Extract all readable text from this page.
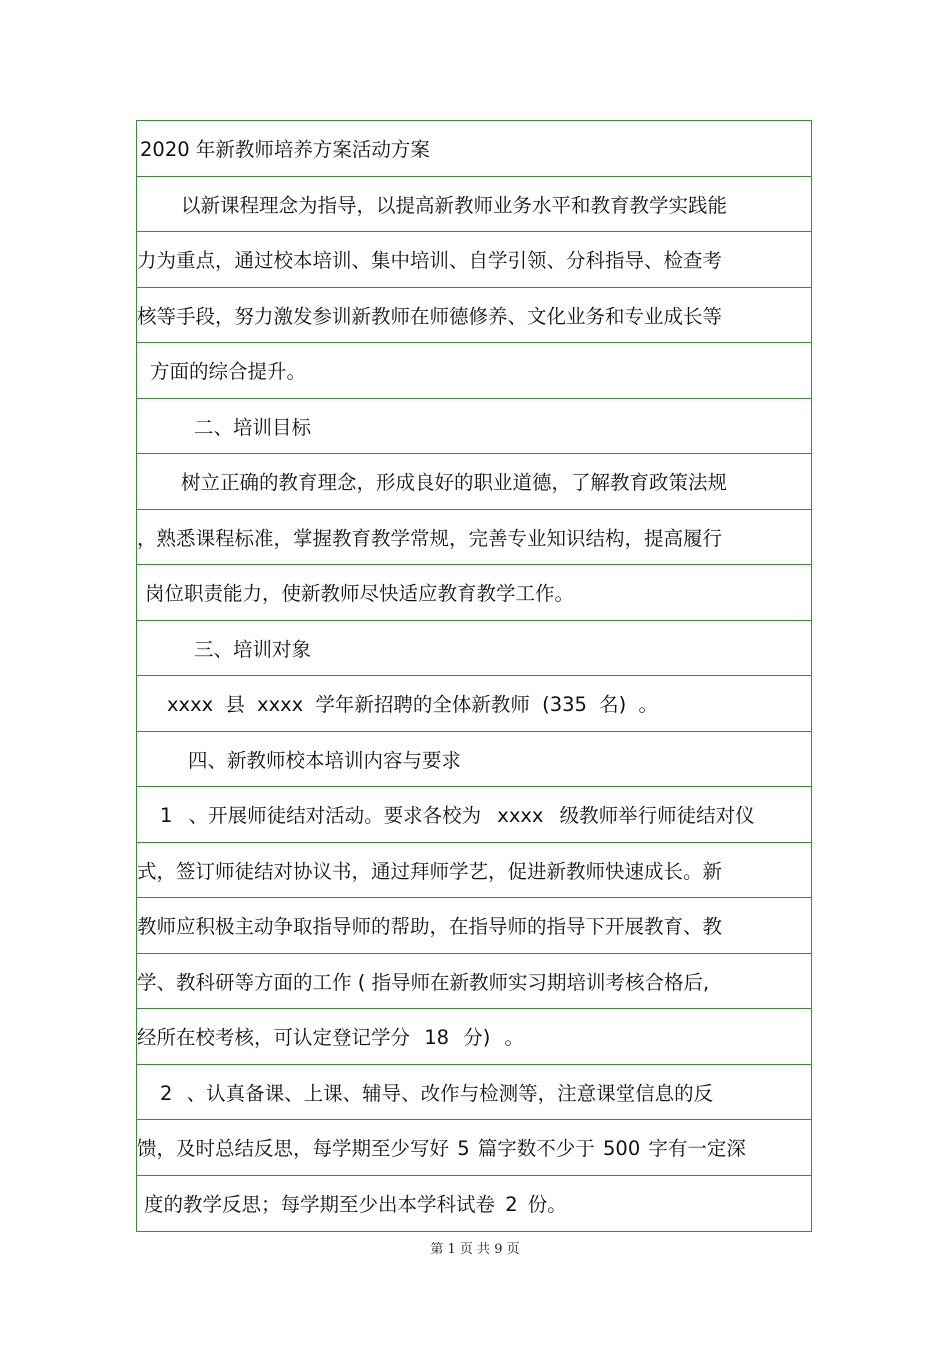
2020 年新教师培养方案活动方案
以新课程理念为指导，以提高新教师业务水平和教育教学实践能
力为重点，通过校本培训、集中培训、自学引领、分科指导、检查考
核等手段，努力激发参训新教师在师德修养、文化业务和专业成长等
方面的综合提升。
二、培训目标
树立正确的教育理念，形成良好的职业道德，了解教育政策法规
，熟悉课程标准，掌握教育教学常规，完善专业知识结构，提高履行
岗位职责能力，使新教师尽快适应教育教学工作。
三、培训对象
xxxx 县 xxxx 学年新招聘的全体新教师 (335 名) 。
四、新教师校本培训内容与要求
1 、开展师徒结对活动。要求各校为 xxxx 级教师举行师徒结对仪
式，签订师徒结对协议书，通过拜师学艺，促进新教师快速成长。新
教师应积极主动争取指导师的帮助，在指导师的指导下开展教育、教
学、教科研等方面的工作 ( 指导师在新教师实习期培训考核合格后,
经所在校考核，可认定登记学分 18 分) 。
2 、认真备课、上课、辅导、改作与检测等，注意课堂信息的反
馈，及时总结反思，每学期至少写好 5 篇字数不少于 500 字有一定深
度的教学反思；每学期至少出本学科试卷 2 份。
第 1 页 共 9 页
